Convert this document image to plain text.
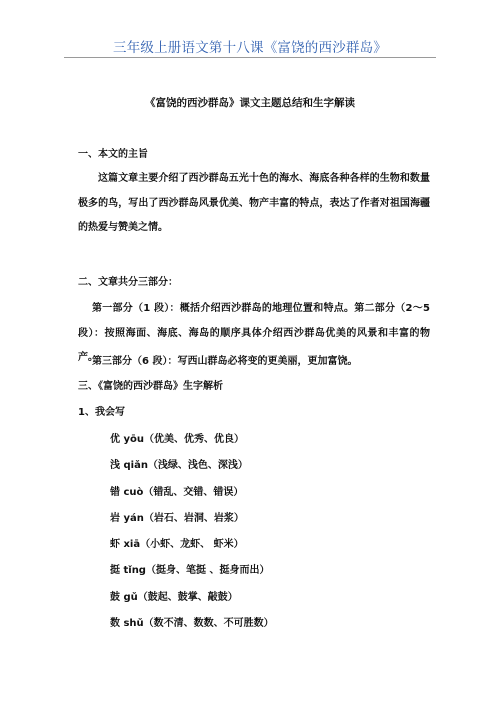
三年级上册语文第十八课《富饶的西沙群岛》
《富饶的西沙群岛》课文主题总结和生字解读
一、本文的主旨
这篇文章主要介绍了西沙群岛五光十色的海水、海底各种各样的生物和数量极多的鸟，写出了西沙群岛风景优美、物产丰富的特点，表达了作者对祖国海疆的热爱与赞美之情。
二、文章共分三部分：
第一部分（1 段）：概括介绍西沙群岛的地理位置和特点。第二部分（2～5 段）：按照海面、海底、海岛的顺序具体介绍西沙群岛优美的风景和丰富的物产。
第三部分（6 段）：写西山群岛必将变的更美丽，更加富饶。
三、《富饶的西沙群岛》生字解析
1、我会写
优 yōu（优美、优秀、优良）
浅 qiǎn（浅绿、浅色、深浅）
错 cuò（错乱、交错、错误）
岩 yán（岩石、岩洞、岩浆）
虾 xiā（小虾、龙虾、 虾米）
挺 tǐng（挺身、笔挺 、挺身而出）
鼓 gǔ（鼓起、鼓掌、敲鼓）
数 shǔ（数不清、数数、不可胜数）
